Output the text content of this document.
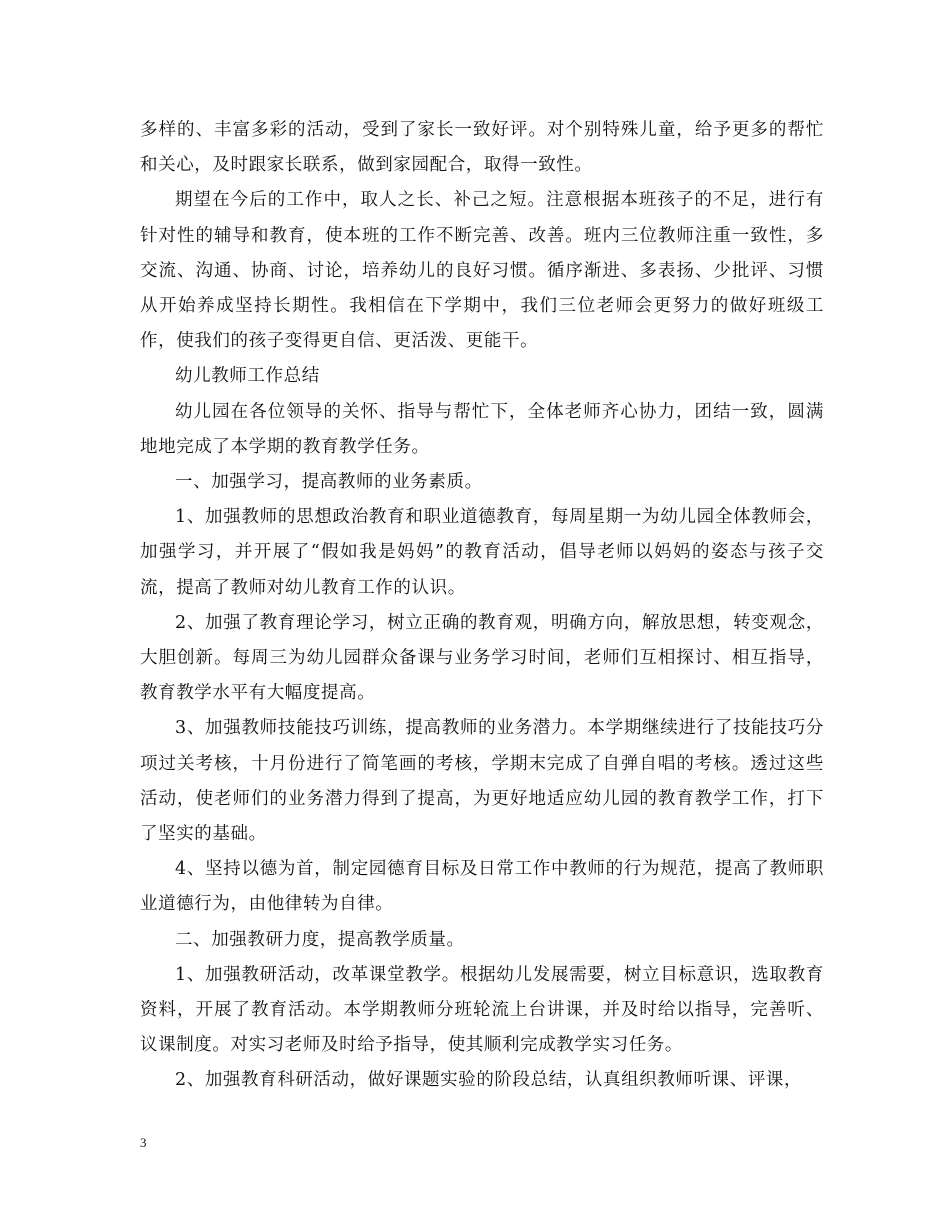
多样的、丰富多彩的活动，受到了家长一致好评。对个别特殊儿童，给予更多的帮忙和关心，及时跟家长联系，做到家园配合，取得一致性。

期望在今后的工作中，取人之长、补己之短。注意根据本班孩子的不足，进行有针对性的辅导和教育，使本班的工作不断完善、改善。班内三位教师注重一致性，多交流、沟通、协商、讨论，培养幼儿的良好习惯。循序渐进、多表扬、少批评、习惯从开始养成坚持长期性。我相信在下学期中，我们三位老师会更努力的做好班级工作，使我们的孩子变得更自信、更活泼、更能干。

幼儿教师工作总结

幼儿园在各位领导的关怀、指导与帮忙下，全体老师齐心协力，团结一致，圆满地地完成了本学期的教育教学任务。

一、加强学习，提高教师的业务素质。

1、加强教师的思想政治教育和职业道德教育，每周星期一为幼儿园全体教师会，加强学习，并开展了“假如我是妈妈”的教育活动，倡导老师以妈妈的姿态与孩子交流，提高了教师对幼儿教育工作的认识。

2、加强了教育理论学习，树立正确的教育观，明确方向，解放思想，转变观念，大胆创新。每周三为幼儿园群众备课与业务学习时间，老师们互相探讨、相互指导，教育教学水平有大幅度提高。

3、加强教师技能技巧训练，提高教师的业务潜力。本学期继续进行了技能技巧分项过关考核，十月份进行了简笔画的考核，学期末完成了自弹自唱的考核。透过这些活动，使老师们的业务潜力得到了提高，为更好地适应幼儿园的教育教学工作，打下了坚实的基础。

4、坚持以德为首，制定园德育目标及日常工作中教师的行为规范，提高了教师职业道德行为，由他律转为自律。

二、加强教研力度，提高教学质量。

1、加强教研活动，改革课堂教学。根据幼儿发展需要，树立目标意识，选取教育资料，开展了教育活动。本学期教师分班轮流上台讲课，并及时给以指导，完善听、议课制度。对实习老师及时给予指导，使其顺利完成教学实习任务。

2、加强教育科研活动，做好课题实验的阶段总结，认真组织教师听课、评课，

3
